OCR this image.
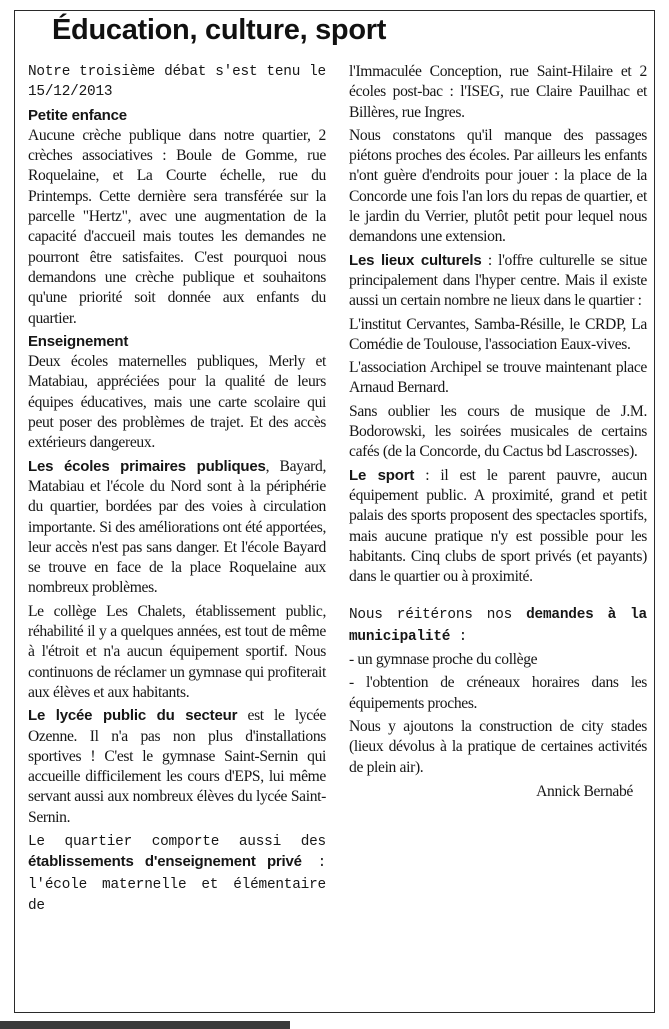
Éducation, culture, sport

Notre troisième débat s'est tenu le 15/12/2013

Petite enfance

Aucune crèche publique dans notre quartier, 2 crèches associatives : Boule de Gomme, rue Roquelaine, et La Courte échelle, rue du Printemps. Cette dernière sera transférée sur la parcelle "Hertz", avec une augmentation de la capacité d'accueil mais toutes les demandes ne pourront être satisfaites. C'est pourquoi nous demandons une crèche publique et souhaitons qu'une priorité soit donnée aux enfants du quartier.

Enseignement

Deux écoles maternelles publiques, Merly et Matabiau, appréciées pour la qualité de leurs équipes éducatives, mais une carte scolaire qui peut poser des problèmes de trajet. Et des accès extérieurs dangereux.

Les écoles primaires publiques, Bayard, Matabiau et l'école du Nord sont à la périphérie du quartier, bordées par des voies à circulation importante. Si des améliorations ont été apportées, leur accès n'est pas sans danger. Et l'école Bayard se trouve en face de la place Roquelaine aux nombreux problèmes.

Le collège Les Chalets, établissement public, réhabilité il y a quelques années, est tout de même à l'étroit et n'a aucun équipement sportif. Nous continuons de réclamer un gymnase qui profiterait aux élèves et aux habitants.

Le lycée public du secteur est le lycée Ozenne. Il n'a pas non plus d'installations sportives ! C'est le gymnase Saint-Sernin qui accueille difficilement les cours d'EPS, lui même servant aussi aux nombreux élèves du lycée Saint-Sernin.

Le quartier comporte aussi des établissements d'enseignement privé : l'école maternelle et élémentaire de

l'Immaculée Conception, rue Saint-Hilaire et 2 écoles post-bac : l'ISEG, rue Claire Pauilhac et Billères, rue Ingres.

Nous constatons qu'il manque des passages piétons proches des écoles. Par ailleurs les enfants n'ont guère d'endroits pour jouer : la place de la Concorde une fois l'an lors du repas de quartier, et le jardin du Verrier, plutôt petit pour lequel nous demandons une extension.

Les lieux culturels : l'offre culturelle se situe principalement dans l'hyper centre. Mais il existe aussi un certain nombre ne lieux dans le quartier :

L'institut Cervantes, Samba-Résille, le CRDP, La Comédie de Toulouse, l'association Eaux-vives.

L'association Archipel se trouve maintenant place Arnaud Bernard.

Sans oublier les cours de musique de J.M. Bodorowski, les soirées musicales de certains cafés (de la Concorde, du Cactus bd Lascrosses).

Le sport : il est le parent pauvre, aucun équipement public. A proximité, grand et petit palais des sports proposent des spectacles sportifs, mais aucune pratique n'y est possible pour les habitants. Cinq clubs de sport privés (et payants) dans le quartier ou à proximité.

Nous réitérons nos demandes à la municipalité :

- un gymnase proche du collège

- l'obtention de créneaux horaires dans les équipements proches.

Nous y ajoutons la construction de city stades (lieux dévolus à la pratique de certaines activités de plein air).

Annick Bernabé
